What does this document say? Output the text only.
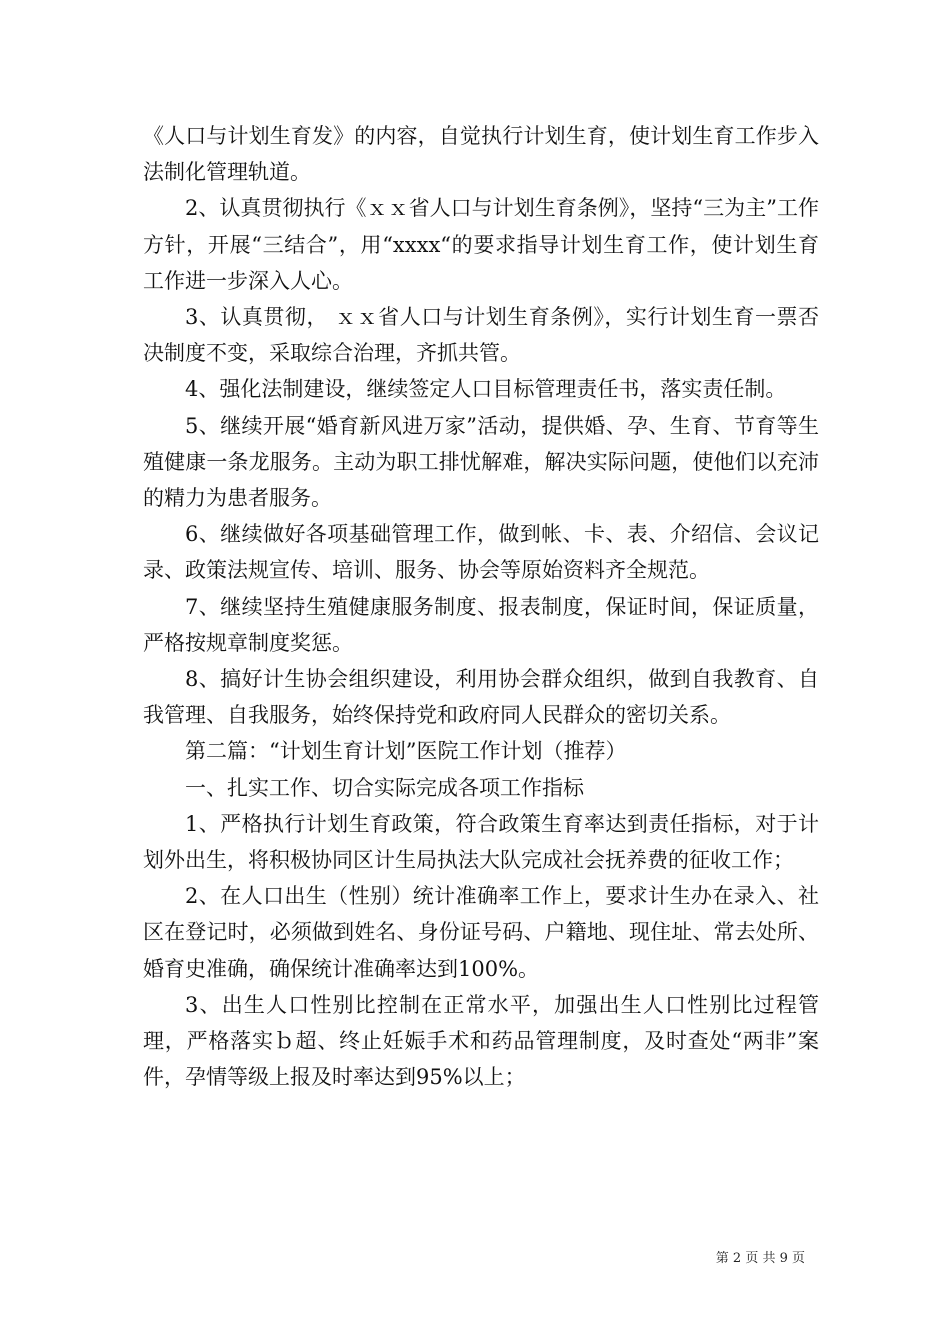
《人口与计划生育发》的内容，自觉执行计划生育，使计划生育工作步入法制化管理轨道。

2、认真贯彻执行《ｘｘ省人口与计划生育条例》，坚持“三为主”工作方针，开展“三结合”，用“xxxx“的要求指导计划生育工作，使计划生育工作进一步深入人心。

3、认真贯彻， ｘｘ省人口与计划生育条例》，实行计划生育一票否决制度不变，采取综合治理，齐抓共管。

4、强化法制建设，继续签定人口目标管理责任书，落实责任制。

5、继续开展“婚育新风进万家”活动，提供婚、孕、生育、节育等生殖健康一条龙服务。主动为职工排忧解难，解决实际问题，使他们以充沛的精力为患者服务。

6、继续做好各项基础管理工作，做到帐、卡、表、介绍信、会议记录、政策法规宣传、培训、服务、协会等原始资料齐全规范。

7、继续坚持生殖健康服务制度、报表制度，保证时间，保证质量，严格按规章制度奖惩。

8、搞好计生协会组织建设，利用协会群众组织，做到自我教育、自我管理、自我服务，始终保持党和政府同人民群众的密切关系。

第二篇：“计划生育计划”医院工作计划（推荐）

一、扎实工作、切合实际完成各项工作指标

1、严格执行计划生育政策，符合政策生育率达到责任指标，对于计划外出生，将积极协同区计生局执法大队完成社会抚养费的征收工作；

2、在人口出生（性别）统计准确率工作上，要求计生办在录入、社区在登记时，必须做到姓名、身份证号码、户籍地、现住址、常去处所、婚育史准确，确保统计准确率达到100%。

3、出生人口性别比控制在正常水平，加强出生人口性别比过程管理，严格落实ｂ超、终止妊娠手术和药品管理制度，及时查处“两非”案件，孕情等级上报及时率达到95%以上；

第 2 页 共 9 页
